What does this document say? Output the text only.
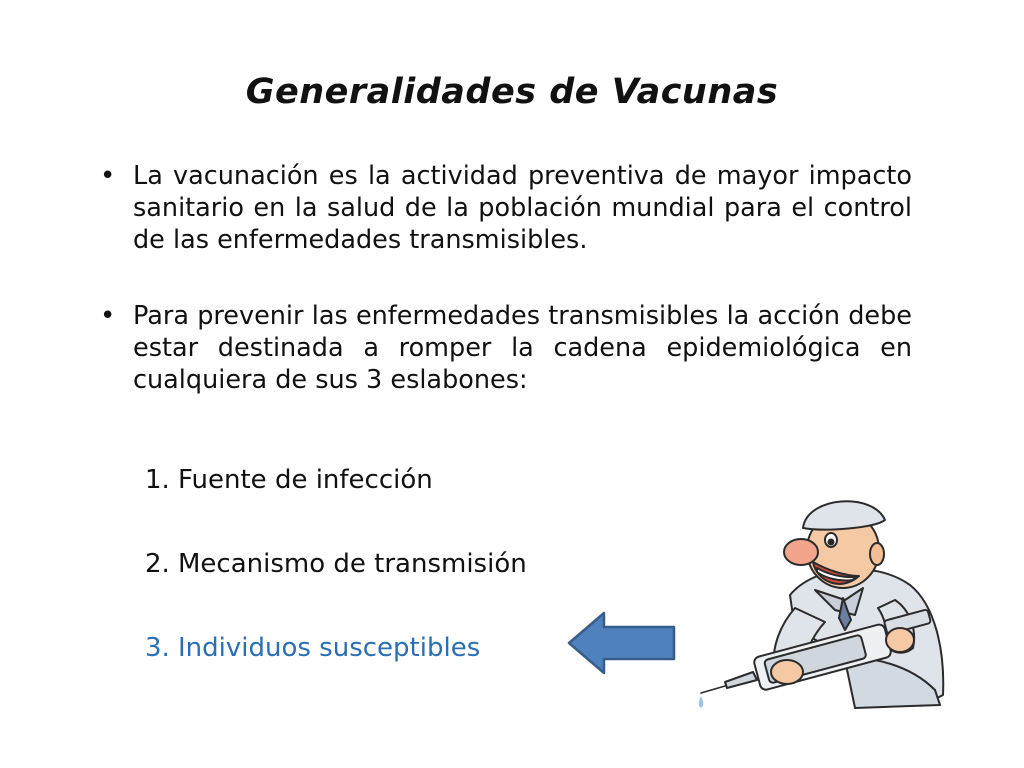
Generalidades de Vacunas
• La vacunación es la actividad preventiva de mayor impacto sanitario en la salud de la población mundial para el control de las enfermedades transmisibles.
• Para prevenir las enfermedades transmisibles la acción debe estar destinada a romper la cadena epidemiológica en cualquiera de sus 3 eslabones:
1. Fuente de infección
2. Mecanismo de transmisión
3. Individuos susceptibles
